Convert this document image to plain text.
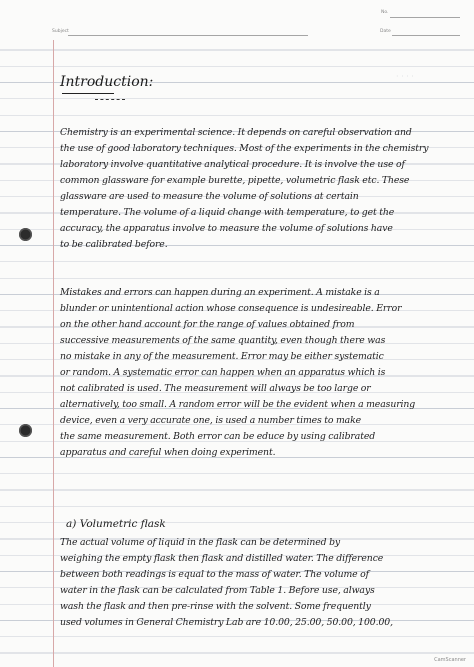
No.
Subject	Date
· · · ·
Introduction:
Chemistry is an experimental science. It depends on careful observation and
the use of good laboratory techniques. Most of the experiments in the chemistry
laboratory involve quantitative analytical procedure. It is involve the use of
common glassware for example burette, pipette, volumetric flask etc. These
glassware are used to measure the volume of solutions at certain
temperature. The volume of a liquid change with temperature, to get the
accuracy, the apparatus involve to measure the volume of solutions have
to be calibrated before.
Mistakes and errors can happen during an experiment. A mistake is a
blunder or unintentional action whose consequence is undesireable. Error
on the other hand account for the range of values obtained from
successive measurements of the same quantity, even though there was
no mistake in any of the measurement. Error may be either systematic
or random. A systematic error can happen when an apparatus which is
not calibrated is used. The measurement will always be too large or
alternatively, too small. A random error will be the evident when a measuring
device, even a very accurate one, is used a number times to make
the same measurement. Both error can be educe by using calibrated
apparatus and careful when doing experiment.
The actual volume of liquid in the flask can be determined by
weighing the empty flask then flask and distilled water. The difference
between both readings is equal to the mass of water. The volume of
water in the flask can be calculated from Table 1. Before use, always
wash the flask and then pre-rinse with the solvent. Some frequently
used volumes in General Chemistry Lab are 10.00, 25.00, 50.00, 100.00,
a) Volumetric flask
CamScanner
